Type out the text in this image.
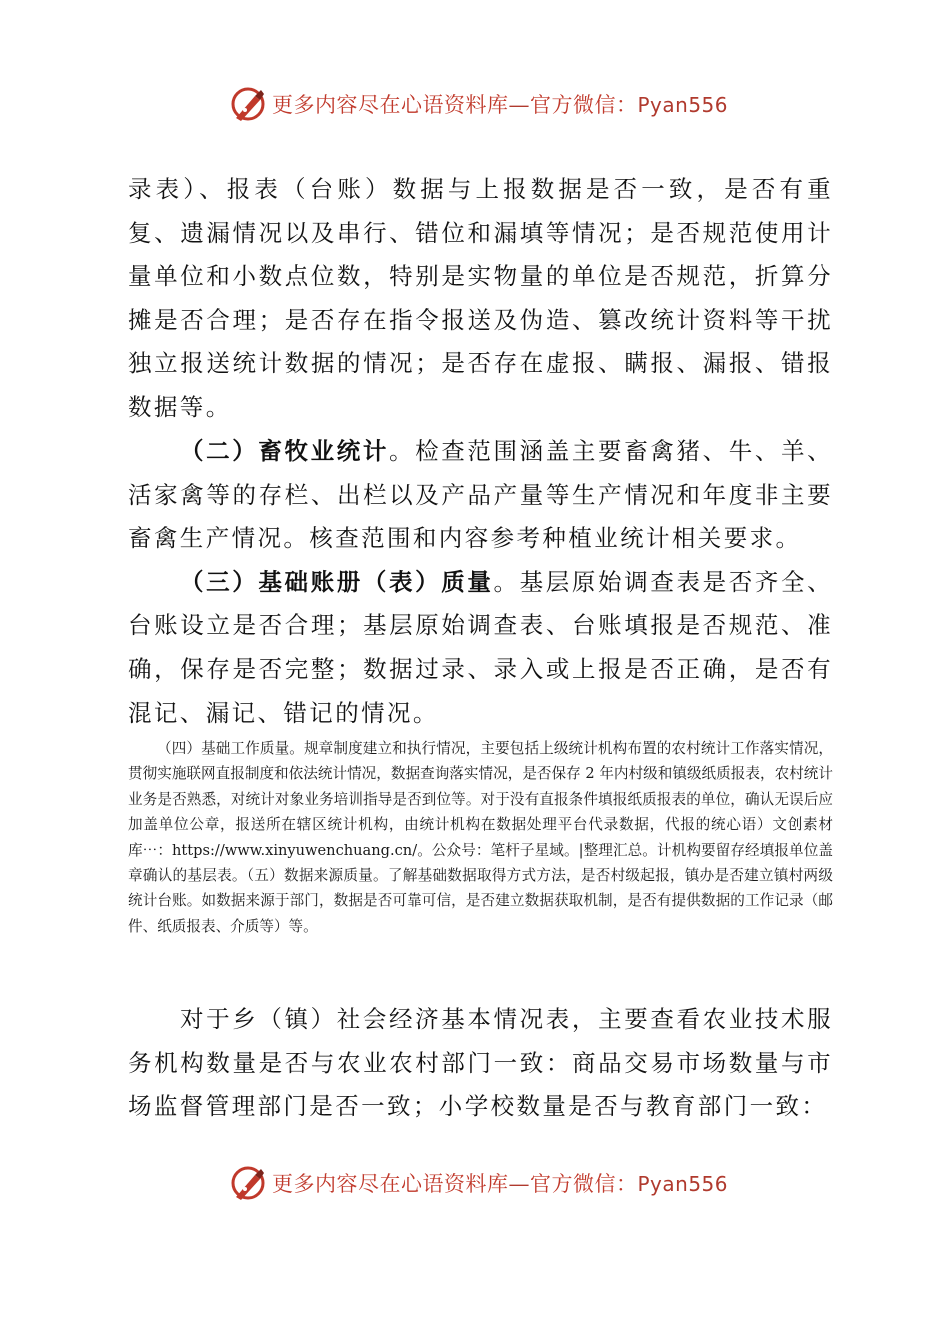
更多内容尽在心语资料库—官方微信：Pyan556

录表）、报表（台账）数据与上报数据是否一致，是否有重复、遗漏情况以及串行、错位和漏填等情况；是否规范使用计量单位和小数点位数，特别是实物量的单位是否规范，折算分摊是否合理；是否存在指令报送及伪造、篡改统计资料等干扰独立报送统计数据的情况；是否存在虚报、瞒报、漏报、错报数据等。

（二）畜牧业统计。检查范围涵盖主要畜禽猪、牛、羊、活家禽等的存栏、出栏以及产品产量等生产情况和年度非主要畜禽生产情况。核查范围和内容参考种植业统计相关要求。

（三）基础账册（表）质量。基层原始调查表是否齐全、台账设立是否合理；基层原始调查表、台账填报是否规范、准确，保存是否完整；数据过录、录入或上报是否正确，是否有混记、漏记、错记的情况。

（四）基础工作质量。规章制度建立和执行情况，主要包括上级统计机构布置的农村统计工作落实情况，贯彻实施联网直报制度和依法统计情况，数据查询落实情况，是否保存 2 年内村级和镇级纸质报表，农村统计业务是否熟悉，对统计对象业务培训指导是否到位等。对于没有直报条件填报纸质报表的单位，确认无误后应加盖单位公章，报送所在辖区统计机构，由统计机构在数据处理平台代录数据，代报的统心语）文创素材库⋯：https://www.xinyuwenchuang.cn/。公众号：笔杆子星域。|整理汇总。计机构要留存经填报单位盖章确认的基层表。（五）数据来源质量。了解基础数据取得方式方法，是否村级起报，镇办是否建立镇村两级统计台账。如数据来源于部门，数据是否可靠可信，是否建立数据获取机制，是否有提供数据的工作记录（邮件、纸质报表、介质等）等。

对于乡（镇）社会经济基本情况表，主要查看农业技术服务机构数量是否与农业农村部门一致：商品交易市场数量与市场监督管理部门是否一致；小学校数量是否与教育部门一致：

更多内容尽在心语资料库—官方微信：Pyan556
